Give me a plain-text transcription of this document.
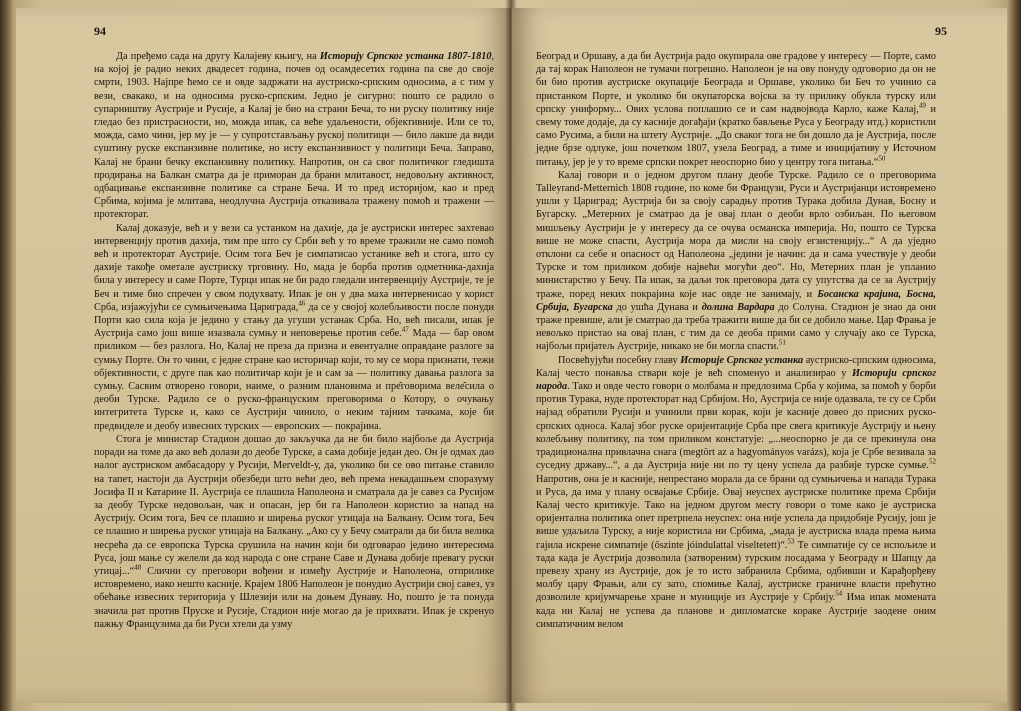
94

Да пређемо сада на другу Калајеву књигу, на Историју Српског устанка 1807-1810, на којој је радио неких двадесет година, почев од осамдесетих година па све до своје смрти, 1903. Најпре ћемо се и овде задржати на аустриско-српским односима, а с тим у вези, свакако, и на односима руско-српским. Једно је сигурно: пошто се радило о супарништву Аустрије и Русије, а Калај је био на страни Беча, то ни руску политику није гледао без пристрасности, но, можда ипак, са већe удаљености, објективније. Или се то, можда, само чини, јер му је — у супротстављању руској политици — било лакше да види суштину руске експанзивне политике, но исту експанзивност у политици Беча. Заправо, Калај не брани бечку експанзивну политику. Напротив, он са свог политичког гледишта продирања на Балкан сматра да је приморан да брани млитавост, недовољну активност, одбацивање експанзивне политике са стране Беча. И то пред историјом, као и пред Србима, којима је млитава, неодлучна Аустрија отказивала тражену помоћ и тражени — протекторат.

Калај доказује, већ и у вези са устанком на дахије, да је аустриски интерес захтевао интервенцију против дахија, тим пре што су Срби већ у то време тражили не само помоћ већ и протекторат Аустрије. Осим тога Беч је симпатисао устанике већ и стога, што су дахије такође ометале аустриску трговину. Но, мада је борба против одметника-дахија била у интересу и саме Порте, Турци ипак не би радо гледали интервенцију Аустрије, те је Беч и тиме био спречен у свом подухвату. Ипак је он у два маха интервенисао у корист Срба, изјажујући се сумњичењима Цариграда,$^{46}$ да се у својој колебљивости после понуди Порти као сила која је једино у стању да угуши устанак Срба. Но, већ писали, ипак је Аустрија само још више изазвала сумњу и неповерење против себе.$^{47}$ Мада — бар овом приликом — без разлога. Но, Калај не преза да призна и евентуалне оправдане разлоге за сумњу Порте. Он то чини, с једне стране као историчар који, то му се мора признати, тежи објективности, с друге пак као политичар који је и сам за — политику давања разлога за сумњу. Сасвим отворено говори, наиме, о разним плановима и пре̑говорима веле̑сила о деоби Турске. Радило се о руско-француским преговорима о Котору, о очувању интегритета Турске и, како се Аустрији чинило, о неким тајним тачкама, које би предвиделе и деобу извесних турских — европских — покрајина.

Стога је министар Стадион дошао до закључка да не би било најбоље да Аустрија поради на томе да ако већ долази до деобе Турске, а сама добије један део. Он је одмах дао налог аустриском амбасадору у Русији, Merveldt-у, да, уколико би се ово питање ставило на тапет, настоји да Аустрији обезбеди што већи део, већ према некадашњем споразуму Јосифа II и Катарине II. Аустрија се плашила Наполеона и сматрала да је савез са Русијом за деобу Турске недовољан, чак и опасан, јер би га Наполеон користио за напад на Аустрију. Осим тога, Беч се плашио и ширења руског утицаја на Балкану. Осим тога, Беч се плашио и ширења руског утицаја на Балкану. „Ако су у Бечу сматрали да би била велика несрећа да се европска Турска срушила на начин који би одговарао једино интересима Руса, још мање су желели да код народа с оне стране Саве и Дунава добије превагу руски утицај...“$^{48}$ Слични су преговори вођени и између Аустрије и Наполеона, отприлике истовремено, иако нешто касније. Крајем 1806 Наполеон је понудио Аустрији свој савез, уз обећање извесних територија у Шлезији или на доњем Дунаву. Но, пошто је та понуда значила рат против Пруске и Русије, Стадион није могао да је прихвати. Ипак је скренуо пажњу Французима да би Руси хтели да узму

95

Београд и Оршаву, а да би Аустрија радо окупирала ове градове у интересу — Порте, само да тај корак Наполеон не тумачи погрешно. Наполеон је на ову понуду одговорио да он не би био против аустриске окупације Београда и Оршаве, уколико би Беч то учинио са пристанком Порте, и уколико би окупаторска војска за ту прилику обукла турску или српску униформу... Ових условa поплашио се и сам надвојвода Карло, каже Калај,$^{49}$ и свему томе додаје, да су касније догађаји (кратко бављење Руса у Београду итд.) користили само Русима, а били на штету Аустрије. „До сваког тога не би дошло да је Аустрија, после једне брзе одлуке, још почетком 1807, узела Београд, а тиме и иницијативу у Источном питању, јер је у то време српски покрет неоспорно био у центру тога питања.“$^{50}$

Калај говори и о једном другом плану деобе Турске. Радило се о преговорима Talleyrand-Metternich 1808 године, по коме би Французи, Руси и Аустријанци истовремено ушли у Цариград; Аустрија би за своју сарадњу против Турака добила Дунав, Босну и Бугарску. „Метерних је сматрао да је овај план о деоби врло озбиљан. По његовом мишљењу Аустрији је у интересу да се очува османска империја. Но, пошто се Турска више не може спасти, Аустрија мора да мисли на своју егзистенцију...“ А да уједно отклони са себе и опасност од Наполеона „једини је начин: да и сама учествује у деоби Турске и том приликом добије највећи могући део“. Но, Метерних план је упланио министарство у Бечу. Па ипак, за даљи ток преговора дата су упутства да се за Аустрију траже, поред неких покрајина које нас овде не занимају, и Босанска крајина, Босна, Србија, Бугарска до ушћа Дунава и долина Вардара до Солуна. Стадион је знао да они траже превише, али је сматрао да треба тражити више да би се добило мање. Цар Фрања је невољко пристао на овај план, с тим да се деоба прими само у случају ако се Турска, најбољи пријатељ Аустрије, никако не би могла спасти.$^{51}$

Посвећујући посебну главу Историје Српског устанка аустриско-српским односима, Калај често понавља ствари које је већ споменуо и анализирао у Историји српског народа. Тако и овде често говори о молбама и предлозима Срба у којима, за помоћ у борби против Турака, нуде протекторат над Србијом. Но, Аустрија се није одазвала, те су се Срби најзад обратили Русији и учинили први корак, који је касније довео до присних руско-српских односа. Калај због руске оријентације Срба пре свега критикује Аустрију и њену колебљиву политику, па том приликом констатује: „...неоспорно је да се прекинула она традиционална привлачна снага (megtört az a hagyományos varázs), која је Србе везивала за суседну државу...“, а да Аустрија није ни по ту цену успела да разбије турске сумње.$^{52}$ Напротив, она је и касније, непрестано морала да се брани од сумњичења и напада Турака и Руса, да има у плану освајање Србије. Овај неуспех аустриске политике према Србији Калај често критикује. Тако на једном другом месту говори о томе како је аустриска оријентална политика опет претрпела неуспех: она није успела да придобије Русију, још је више удаљила Турску, а није користила ни Србима, „мада је аустриска влада према њима гајила искрене симпатије (őszinte jóindulattal viseltetett)“.$^{53}$ Те симпатије су се испољиле и тада када је Аустрија дозволила (затвореним) турским посадама у Београду и Шапцу да превезу храну из Аустрије, док је то исто забранила Србима, одбивши и Карађорђеву молбу цару Фрањи, али су зато, спомиње Калај, аустриске граничне власти прећутно дозволиле кријумчарење хране и муниције из Аустрије у Србију.$^{54}$ Има ипак момената када ни Калај не успева да планове и дипломатске кораке Аустрије заодене оним симпатичним велом
